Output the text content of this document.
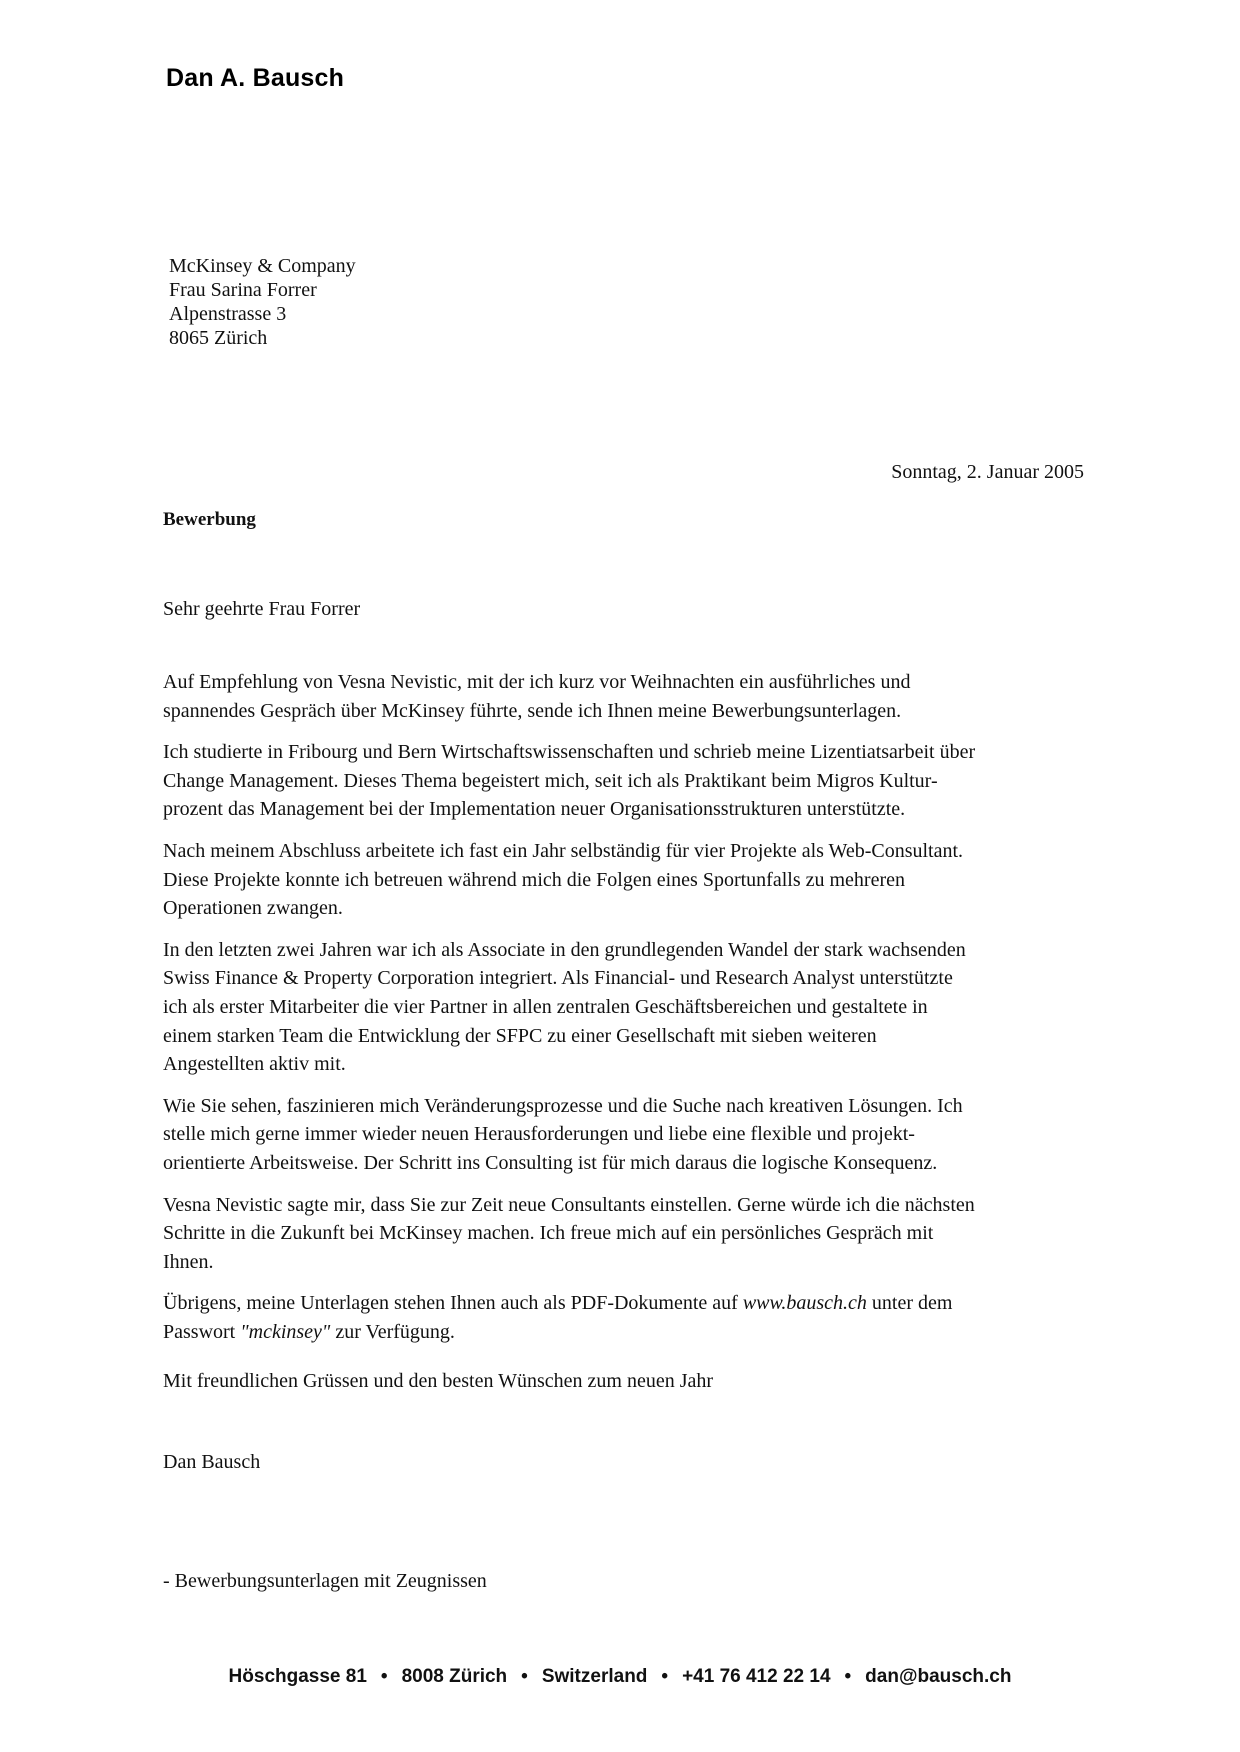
Dan A. Bausch
McKinsey & Company
Frau Sarina Forrer
Alpenstrasse 3
8065 Zürich
Sonntag, 2. Januar 2005
Bewerbung
Sehr geehrte Frau Forrer

Auf Empfehlung von Vesna Nevistic, mit der ich kurz vor Weihnachten ein ausführliches und
spannendes Gespräch über McKinsey führte, sende ich Ihnen meine Bewerbungsunterlagen.

Ich studierte in Fribourg und Bern Wirtschaftswissenschaften und schrieb meine Lizentiatsarbeit über
Change Management. Dieses Thema begeistert mich, seit ich als Praktikant beim Migros Kultur-
prozent das Management bei der Implementation neuer Organisationsstrukturen unterstützte.

Nach meinem Abschluss arbeitete ich fast ein Jahr selbständig für vier Projekte als Web-Consultant.
Diese Projekte konnte ich betreuen während mich die Folgen eines Sportunfalls zu mehreren
Operationen zwangen.

In den letzten zwei Jahren war ich als Associate in den grundlegenden Wandel der stark wachsenden
Swiss Finance & Property Corporation integriert. Als Financial- und Research Analyst unterstützte
ich als erster Mitarbeiter die vier Partner in allen zentralen Geschäftsbereichen und gestaltete in
einem starken Team die Entwicklung der SFPC zu einer Gesellschaft mit sieben weiteren
Angestellten aktiv mit.

Wie Sie sehen, faszinieren mich Veränderungsprozesse und die Suche nach kreativen Lösungen. Ich
stelle mich gerne immer wieder neuen Herausforderungen und liebe eine flexible und projekt-
orientierte Arbeitsweise. Der Schritt ins Consulting ist für mich daraus die logische Konsequenz.

Vesna Nevistic sagte mir, dass Sie zur Zeit neue Consultants einstellen. Gerne würde ich die nächsten
Schritte in die Zukunft bei McKinsey machen. Ich freue mich auf ein persönliches Gespräch mit
Ihnen.

Übrigens, meine Unterlagen stehen Ihnen auch als PDF-Dokumente auf www.bausch.ch unter dem
Passwort "mckinsey" zur Verfügung.

Mit freundlichen Grüssen und den besten Wünschen zum neuen Jahr
Dan Bausch
- Bewerbungsunterlagen mit Zeugnissen
Höschgasse 81 • 8008 Zürich • Switzerland • +41 76 412 22 14 • dan@bausch.ch
